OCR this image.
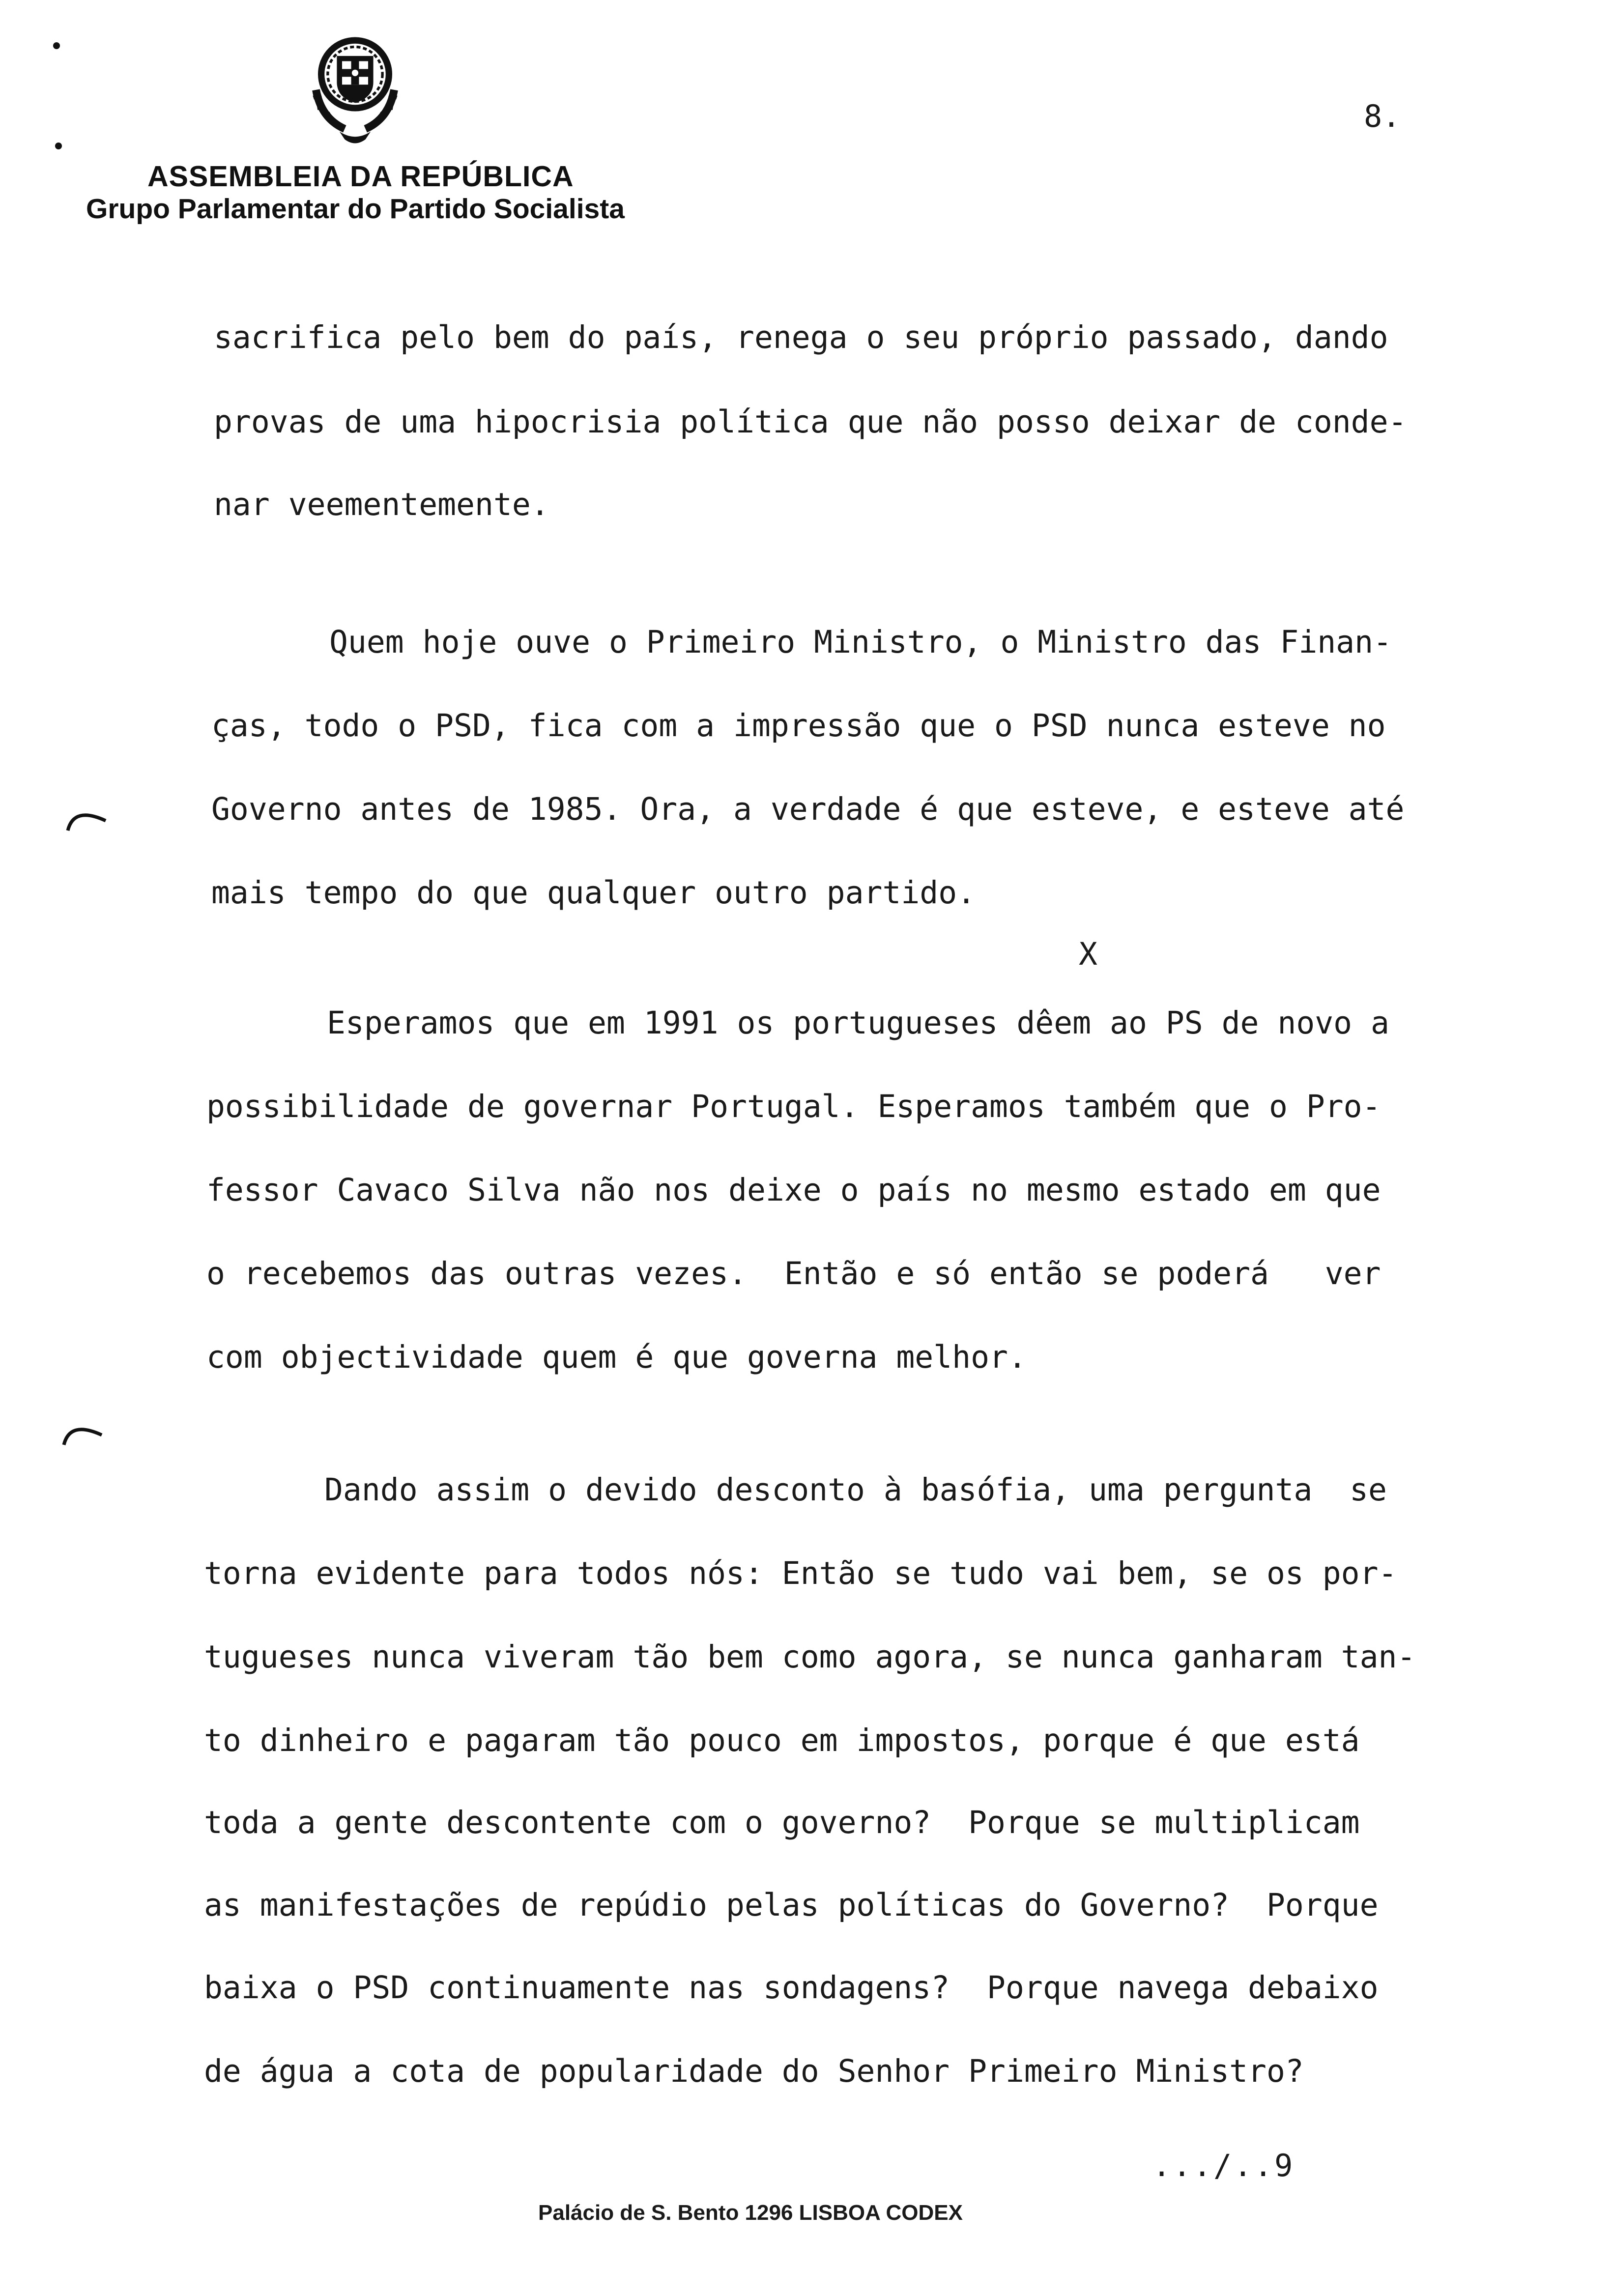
ASSEMBLEIA DA REPÚBLICA
Grupo Parlamentar do Partido Socialista
8.
sacrifica pelo bem do país, renega o seu próprio passado, dando
provas de uma hipocrisia política que não posso deixar de conde-
nar veementemente.
Quem hoje ouve o Primeiro Ministro, o Ministro das Finan-
ças, todo o PSD, fica com a impressão que o PSD nunca esteve no
Governo antes de 1985. Ora, a verdade é que esteve, e esteve até
mais tempo do que qualquer outro partido.
X
Esperamos que em 1991 os portugueses dêem ao PS de novo a
possibilidade de governar Portugal. Esperamos também que o Pro-
fessor Cavaco Silva não nos deixe o país no mesmo estado em que
o recebemos das outras vezes.  Então e só então se poderá   ver
com objectividade quem é que governa melhor.
Dando assim o devido desconto à basófia, uma pergunta  se
torna evidente para todos nós: Então se tudo vai bem, se os por-
tugueses nunca viveram tão bem como agora, se nunca ganharam tan-
to dinheiro e pagaram tão pouco em impostos, porque é que está
toda a gente descontente com o governo?  Porque se multiplicam
as manifestações de repúdio pelas políticas do Governo?  Porque
baixa o PSD continuamente nas sondagens?  Porque navega debaixo
de água a cota de popularidade do Senhor Primeiro Ministro?
.../..9
Palácio de S. Bento 1296 LISBOA CODEX
